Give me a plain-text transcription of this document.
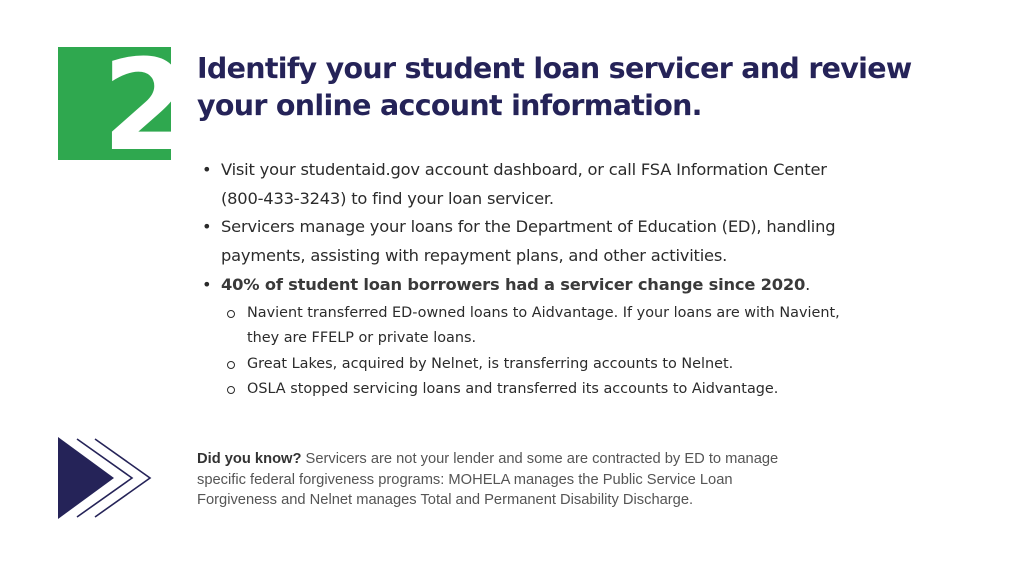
2 Identify your student loan servicer and review your online account information.
• Visit your studentaid.gov account dashboard, or call FSA Information Center (800-433-3243) to find your loan servicer.
• Servicers manage your loans for the Department of Education (ED), handling payments, assisting with repayment plans, and other activities.
• 40% of student loan borrowers had a servicer change since 2020.
Navient transferred ED-owned loans to Aidvantage. If your loans are with Navient, they are FFELP or private loans.
Great Lakes, acquired by Nelnet, is transferring accounts to Nelnet.
OSLA stopped servicing loans and transferred its accounts to Aidvantage.

Did you know? Servicers are not your lender and some are contracted by ED to manage specific federal forgiveness programs: MOHELA manages the Public Service Loan Forgiveness and Nelnet manages Total and Permanent Disability Discharge.
